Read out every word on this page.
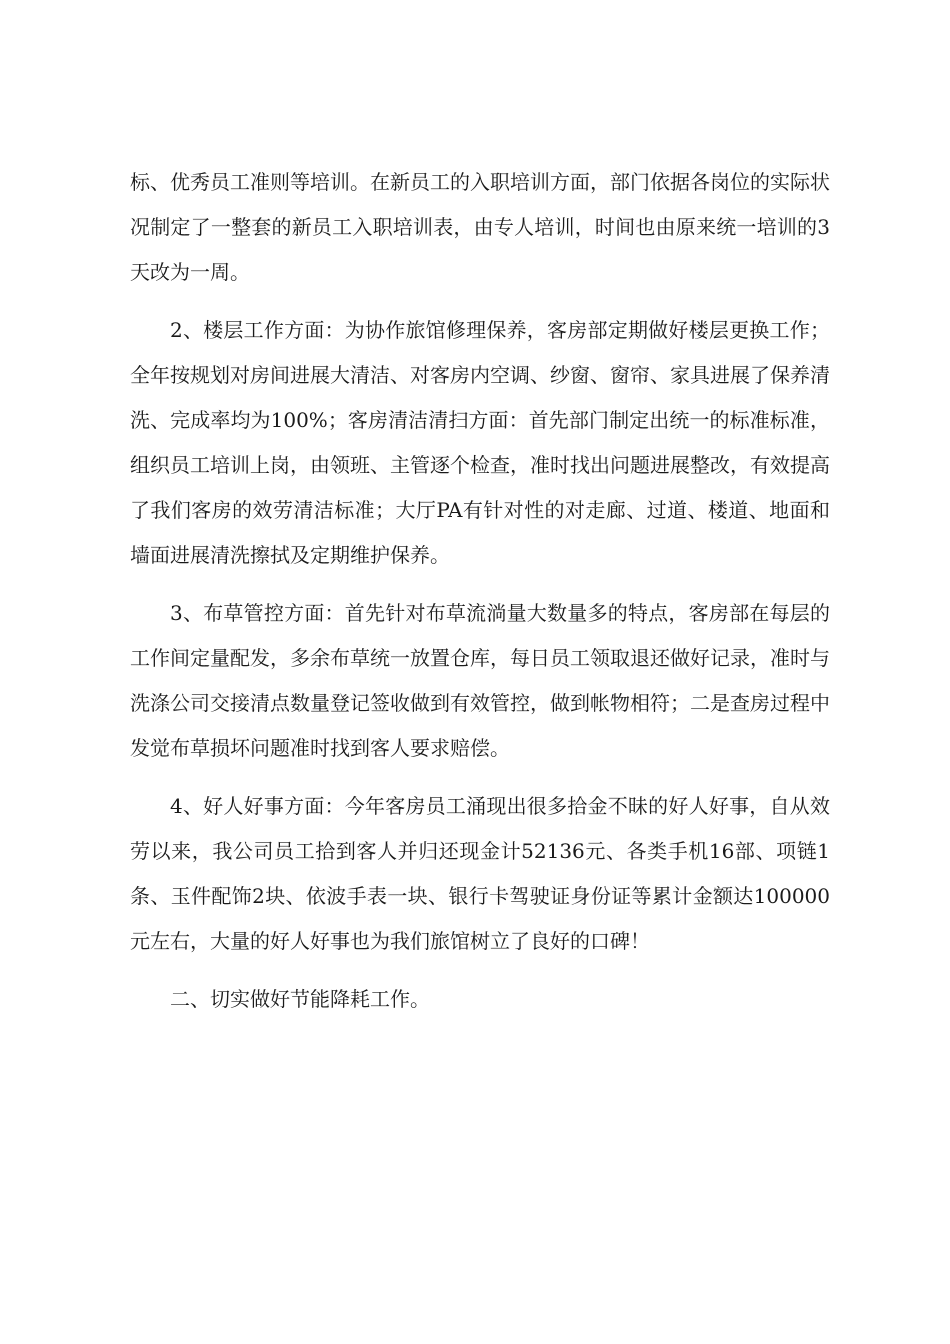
标、优秀员工准则等培训。在新员工的入职培训方面，部门依据各岗位的实际状况制定了一整套的新员工入职培训表，由专人培训，时间也由原来统一培训的3天改为一周。

2、楼层工作方面：为协作旅馆修理保养，客房部定期做好楼层更换工作；全年按规划对房间进展大清洁、对客房内空调、纱窗、窗帘、家具进展了保养清洗、完成率均为100%；客房清洁清扫方面：首先部门制定出统一的标准标准，组织员工培训上岗，由领班、主管逐个检查，准时找出问题进展整改，有效提高了我们客房的效劳清洁标准；大厅PA有针对性的对走廊、过道、楼道、地面和墙面进展清洗擦拭及定期维护保养。

3、布草管控方面：首先针对布草流淌量大数量多的特点，客房部在每层的工作间定量配发，多余布草统一放置仓库，每日员工领取退还做好记录，准时与洗涤公司交接清点数量登记签收做到有效管控，做到帐物相符；二是查房过程中发觉布草损坏问题准时找到客人要求赔偿。

4、好人好事方面：今年客房员工涌现出很多拾金不昧的好人好事，自从效劳以来，我公司员工拾到客人并归还现金计52136元、各类手机16部、项链1条、玉件配饰2块、依波手表一块、银行卡驾驶证身份证等累计金额达100000元左右，大量的好人好事也为我们旅馆树立了良好的口碑！

二、切实做好节能降耗工作。
